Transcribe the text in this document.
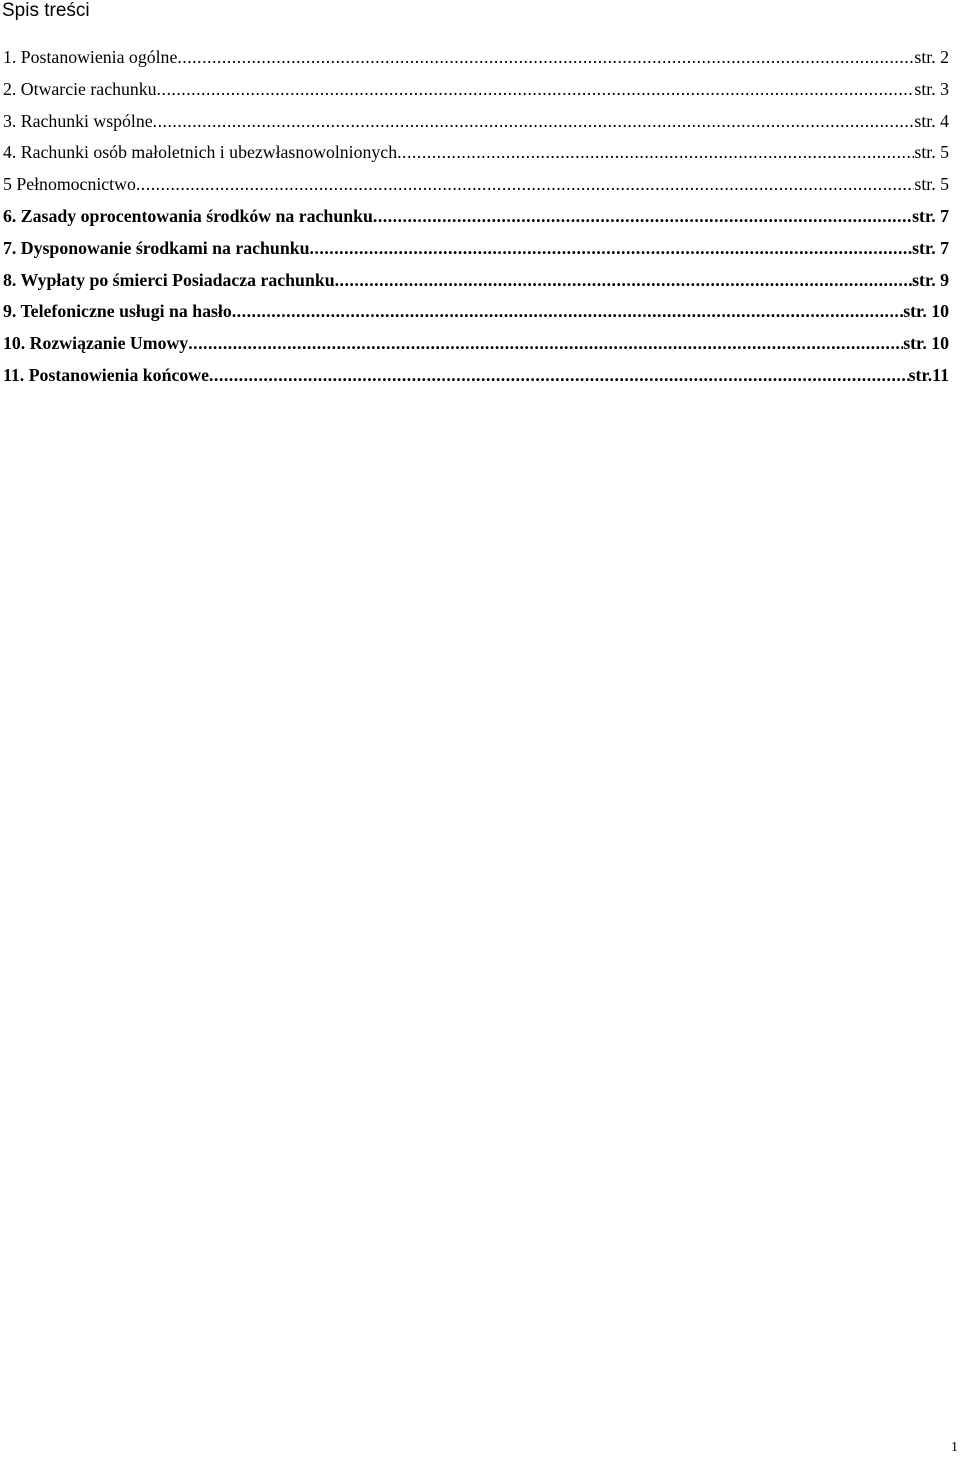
Spis treści
1. Postanowienia ogólne .....	str. 2
2. Otwarcie rachunku .....	str. 3
3. Rachunki wspólne .....	str. 4
4. Rachunki osób małoletnich i ubezwłasnowolnionych .....	str. 5
5 Pełnomocnictwo .....	str. 5
6. Zasady oprocentowania środków na rachunku .....	str. 7
7. Dysponowanie środkami na rachunku .....	str. 7
8. Wypłaty po śmierci Posiadacza rachunku .....	str. 9
9. Telefoniczne usługi na hasło .....	str. 10
10. Rozwiązanie Umowy .....	str. 10
11. Postanowienia końcowe .....	str.11
1
